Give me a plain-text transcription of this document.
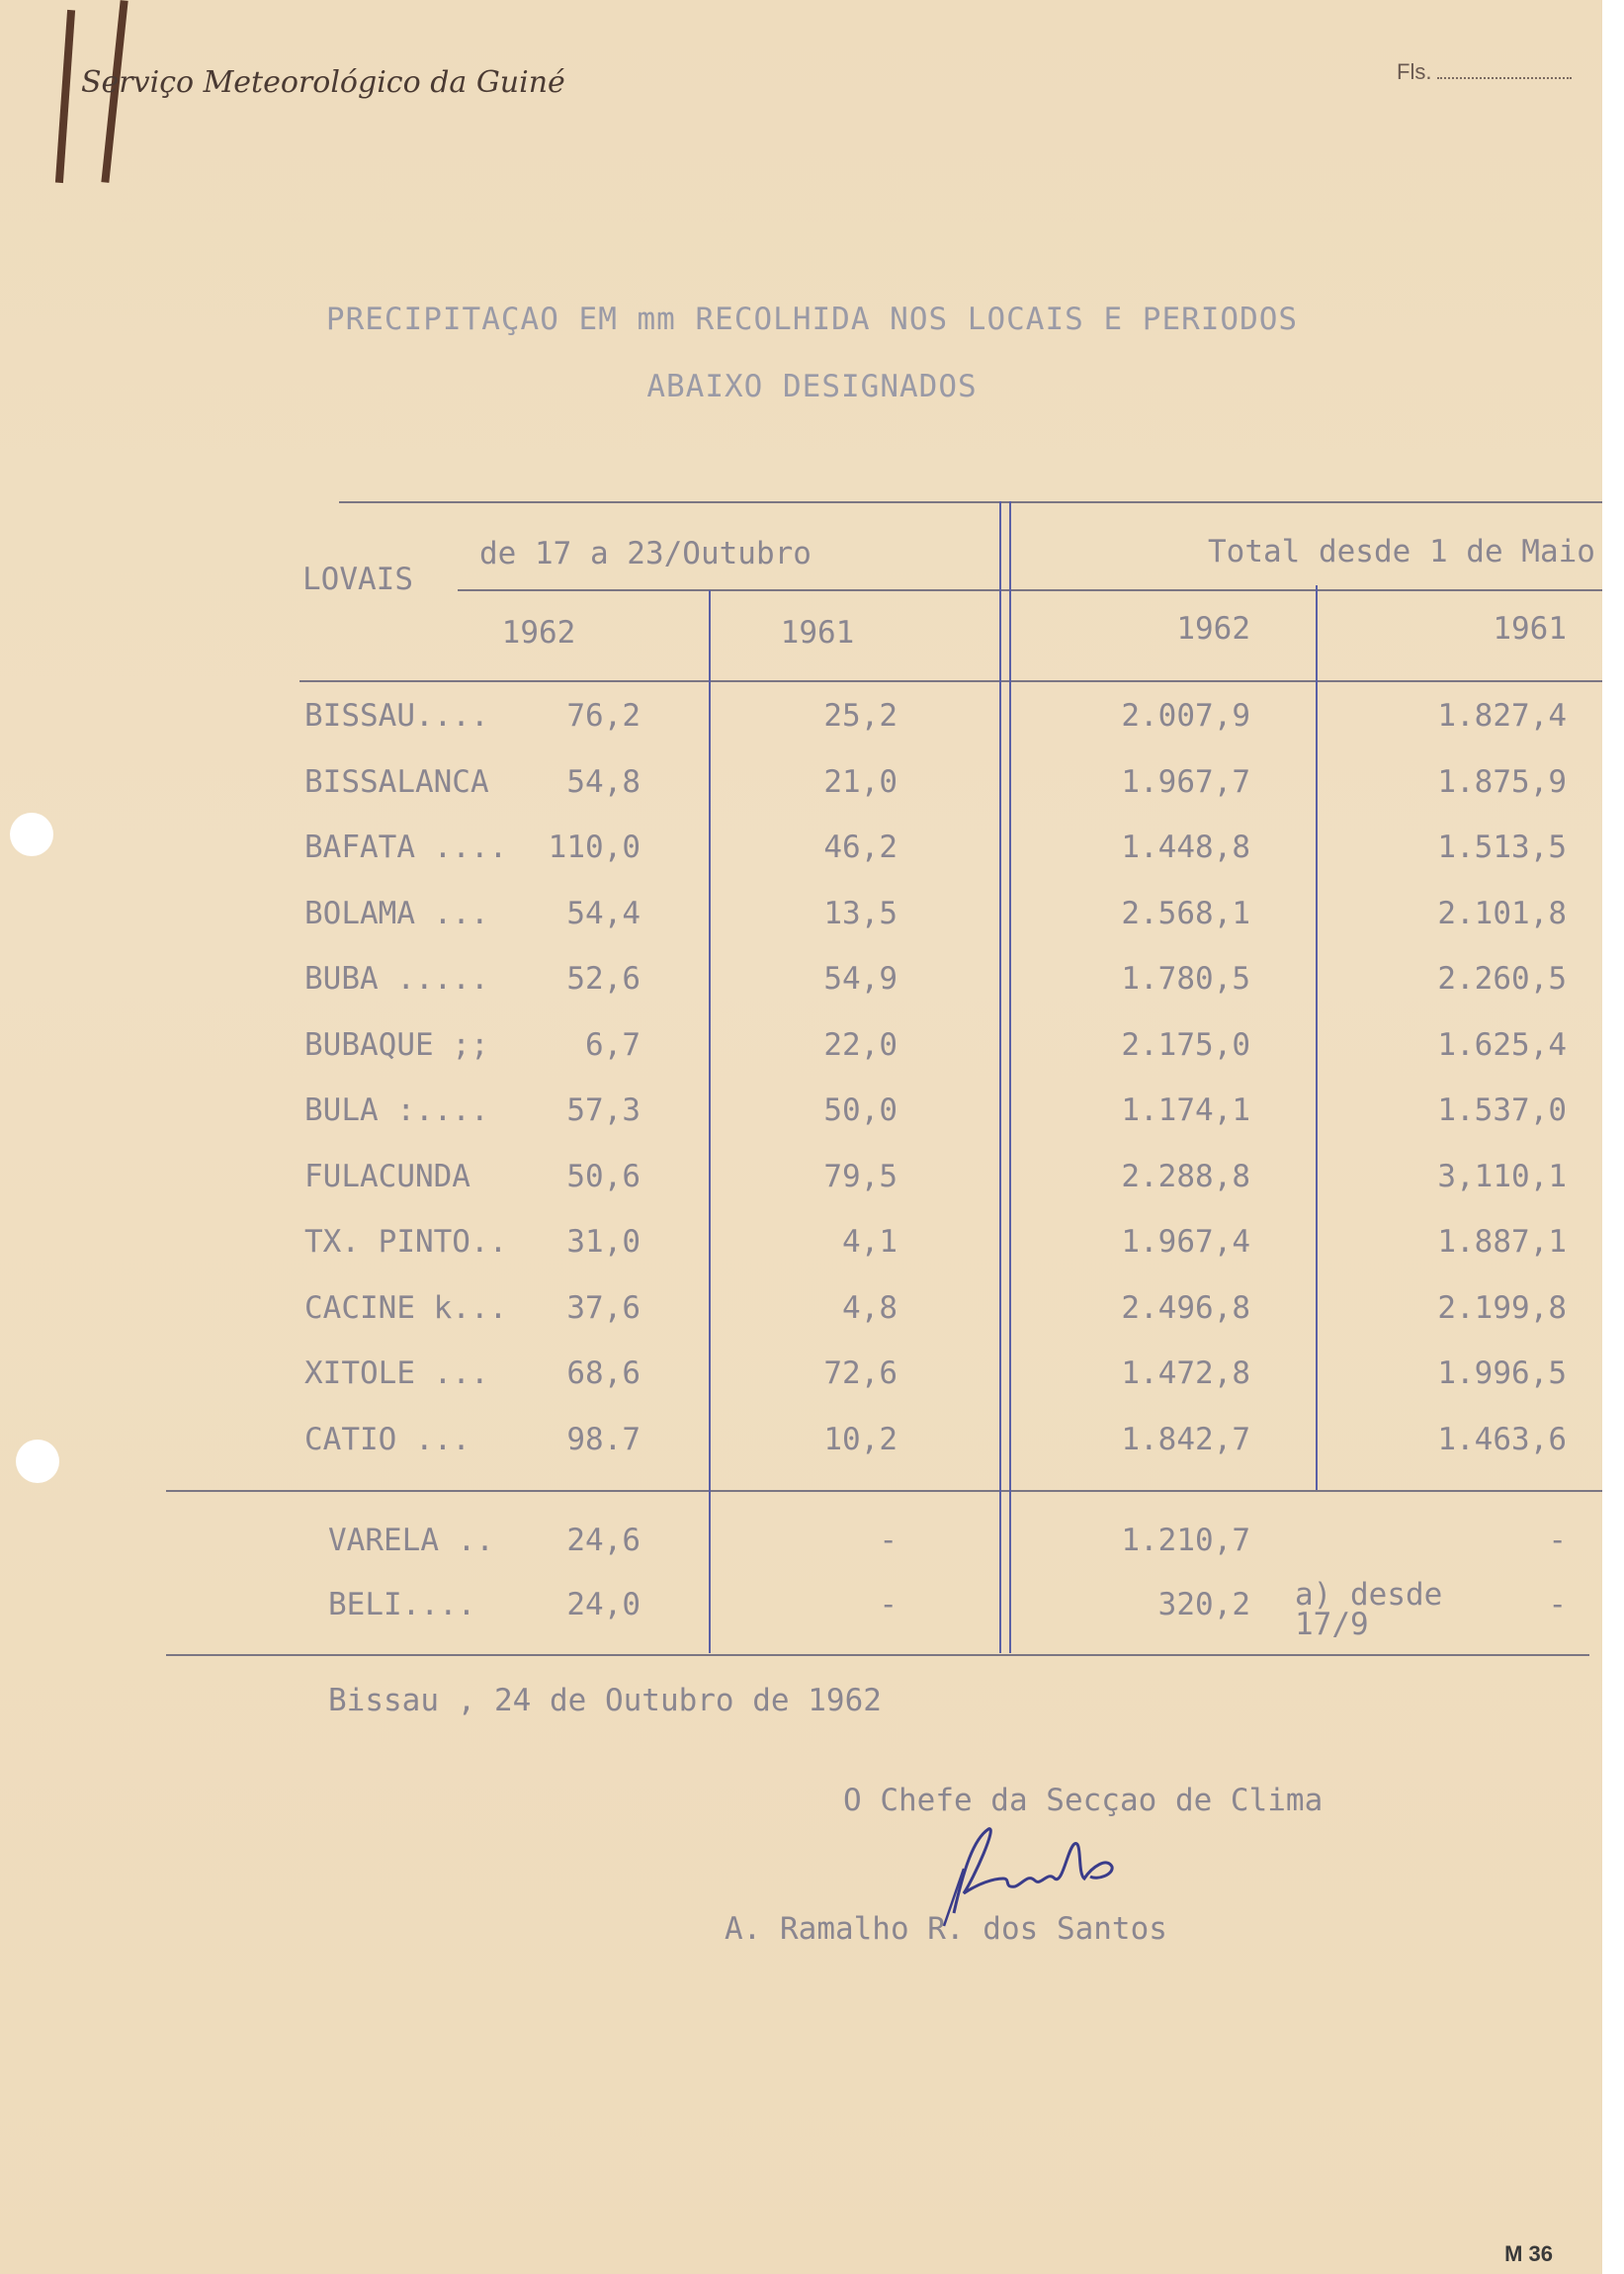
Serviço Meteorológico da Guiné	Fls.
PRECIPITAÇAO EM mm RECOLHIDA NOS LOCAIS E PERIODOS
ABAIXO DESIGNADOS
LOVAIS
de 17 a 23/Outubro	Total desde 1 de Maio
1962	1961	1962	1961
BISSAU....	76,2	25,2	2.007,9	1.827,4
BISSALANCA	54,8	21,0	1.967,7	1.875,9
BAFATA ....	110,0	46,2	1.448,8	1.513,5
BOLAMA ...	54,4	13,5	2.568,1	2.101,8
BUBA .....	52,6	54,9	1.780,5	2.260,5
BUBAQUE ;;	6,7	22,0	2.175,0	1.625,4
BULA :....	57,3	50,0	1.174,1	1.537,0
FULACUNDA	50,6	79,5	2.288,8	3,110,1
TX. PINTO..	31,0	4,1	1.967,4	1.887,1
CACINE k...	37,6	4,8	2.496,8	2.199,8
XITOLE ...	68,6	72,6	1.472,8	1.996,5
CATIO ...	98.7	10,2	1.842,7	1.463,6
VARELA ..	24,6	-	1.210,7	-
BELI....	24,0	-	320,2	-
a) desde 17/9
Bissau , 24 de Outubro de 1962
O Chefe da Secçao de Clima
A. Ramalho R. dos Santos
M 36
